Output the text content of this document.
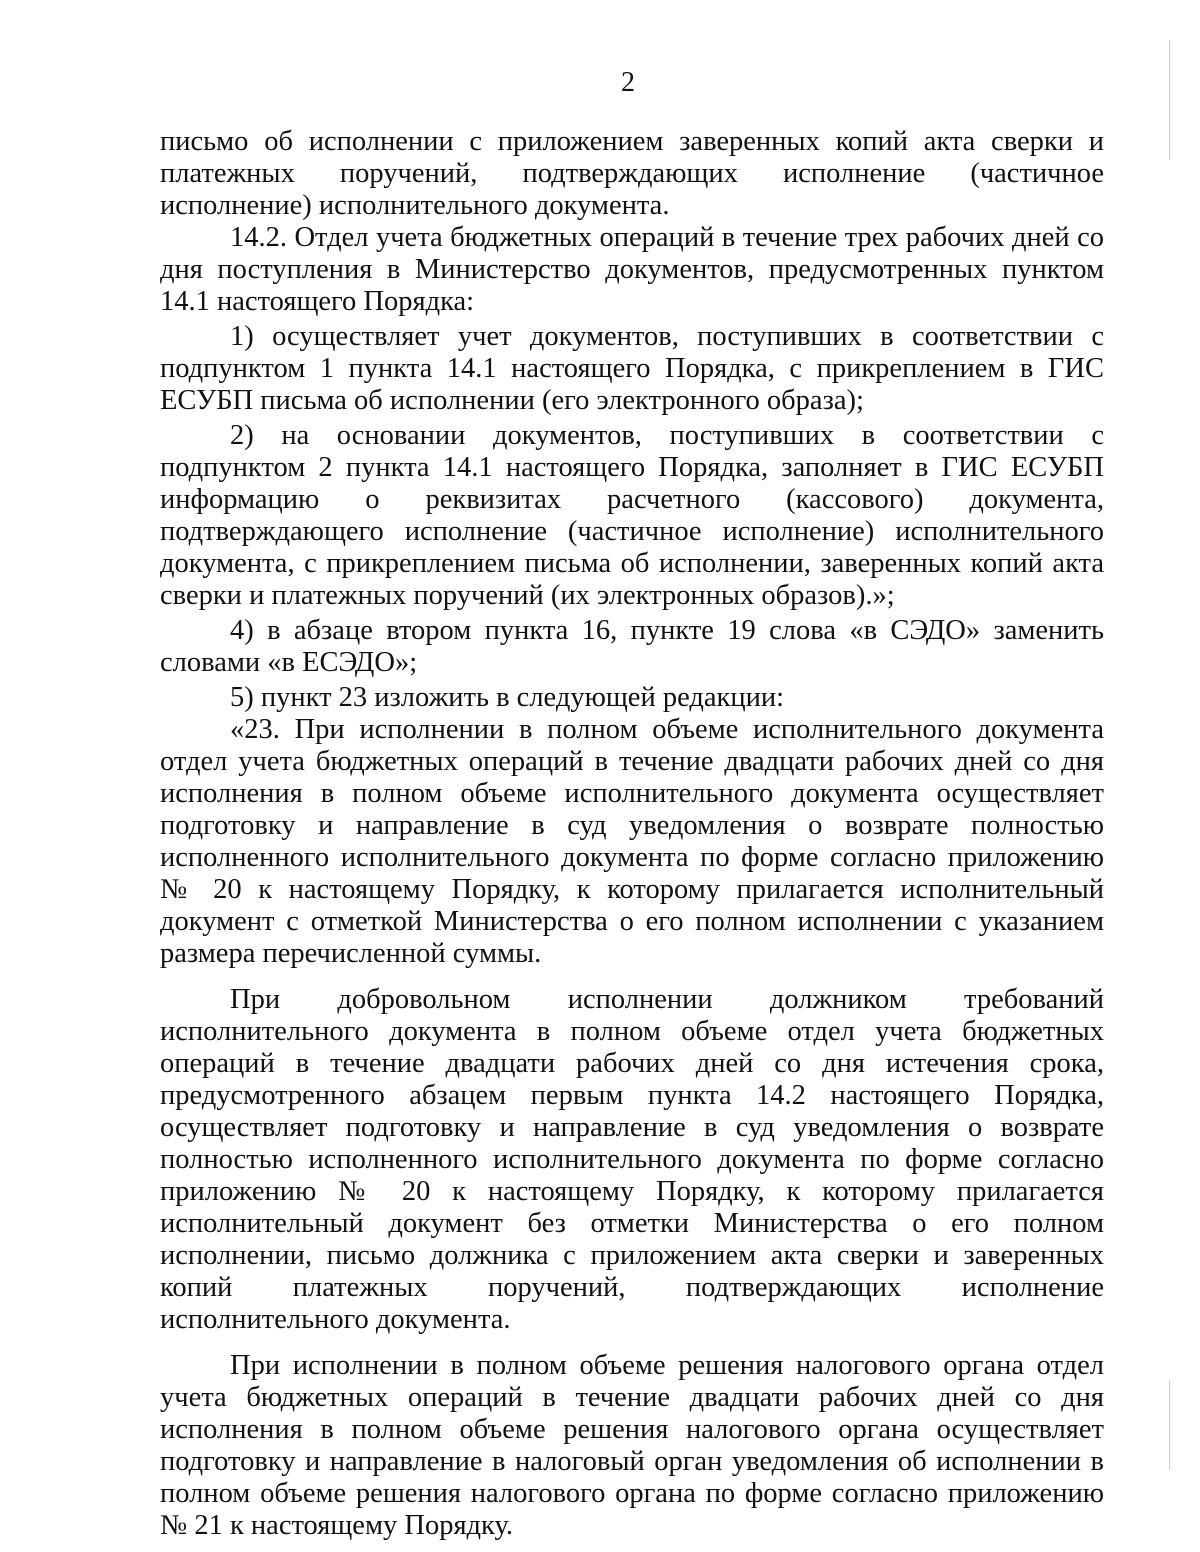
2

письмо об исполнении с приложением заверенных копий акта сверки и платежных поручений, подтверждающих исполнение (частичное исполнение) исполнительного документа.

14.2. Отдел учета бюджетных операций в течение трех рабочих дней со дня поступления в Министерство документов, предусмотренных пунктом 14.1 настоящего Порядка:

1) осуществляет учет документов, поступивших в соответствии с подпунктом 1 пункта 14.1 настоящего Порядка, с прикреплением в ГИС ЕСУБП письма об исполнении (его электронного образа);

2) на основании документов, поступивших в соответствии с подпунктом 2 пункта 14.1 настоящего Порядка, заполняет в ГИС ЕСУБП информацию о реквизитах расчетного (кассового) документа, подтверждающего исполнение (частичное исполнение) исполнительного документа, с прикреплением письма об исполнении, заверенных копий акта сверки и платежных поручений (их электронных образов).»;

4) в абзаце втором пункта 16, пункте 19 слова «в СЭДО» заменить словами «в ЕСЭДО»;

5) пункт 23 изложить в следующей редакции:

«23. При исполнении в полном объеме исполнительного документа отдел учета бюджетных операций в течение двадцати рабочих дней со дня исполнения в полном объеме исполнительного документа осуществляет подготовку и направление в суд уведомления о возврате полностью исполненного исполнительного документа по форме согласно приложению № 20 к настоящему Порядку, к которому прилагается исполнительный документ с отметкой Министерства о его полном исполнении с указанием размера перечисленной суммы.

При добровольном исполнении должником требований исполнительного документа в полном объеме отдел учета бюджетных операций в течение двадцати рабочих дней со дня истечения срока, предусмотренного абзацем первым пункта 14.2 настоящего Порядка, осуществляет подготовку и направление в суд уведомления о возврате полностью исполненного исполнительного документа по форме согласно приложению № 20 к настоящему Порядку, к которому прилагается исполнительный документ без отметки Министерства о его полном исполнении, письмо должника с приложением акта сверки и заверенных копий платежных поручений, подтверждающих исполнение исполнительного документа.

При исполнении в полном объеме решения налогового органа отдел учета бюджетных операций в течение двадцати рабочих дней со дня исполнения в полном объеме решения налогового органа осуществляет подготовку и направление в налоговый орган уведомления об исполнении в полном объеме решения налогового органа по форме согласно приложению № 21 к настоящему Порядку.
